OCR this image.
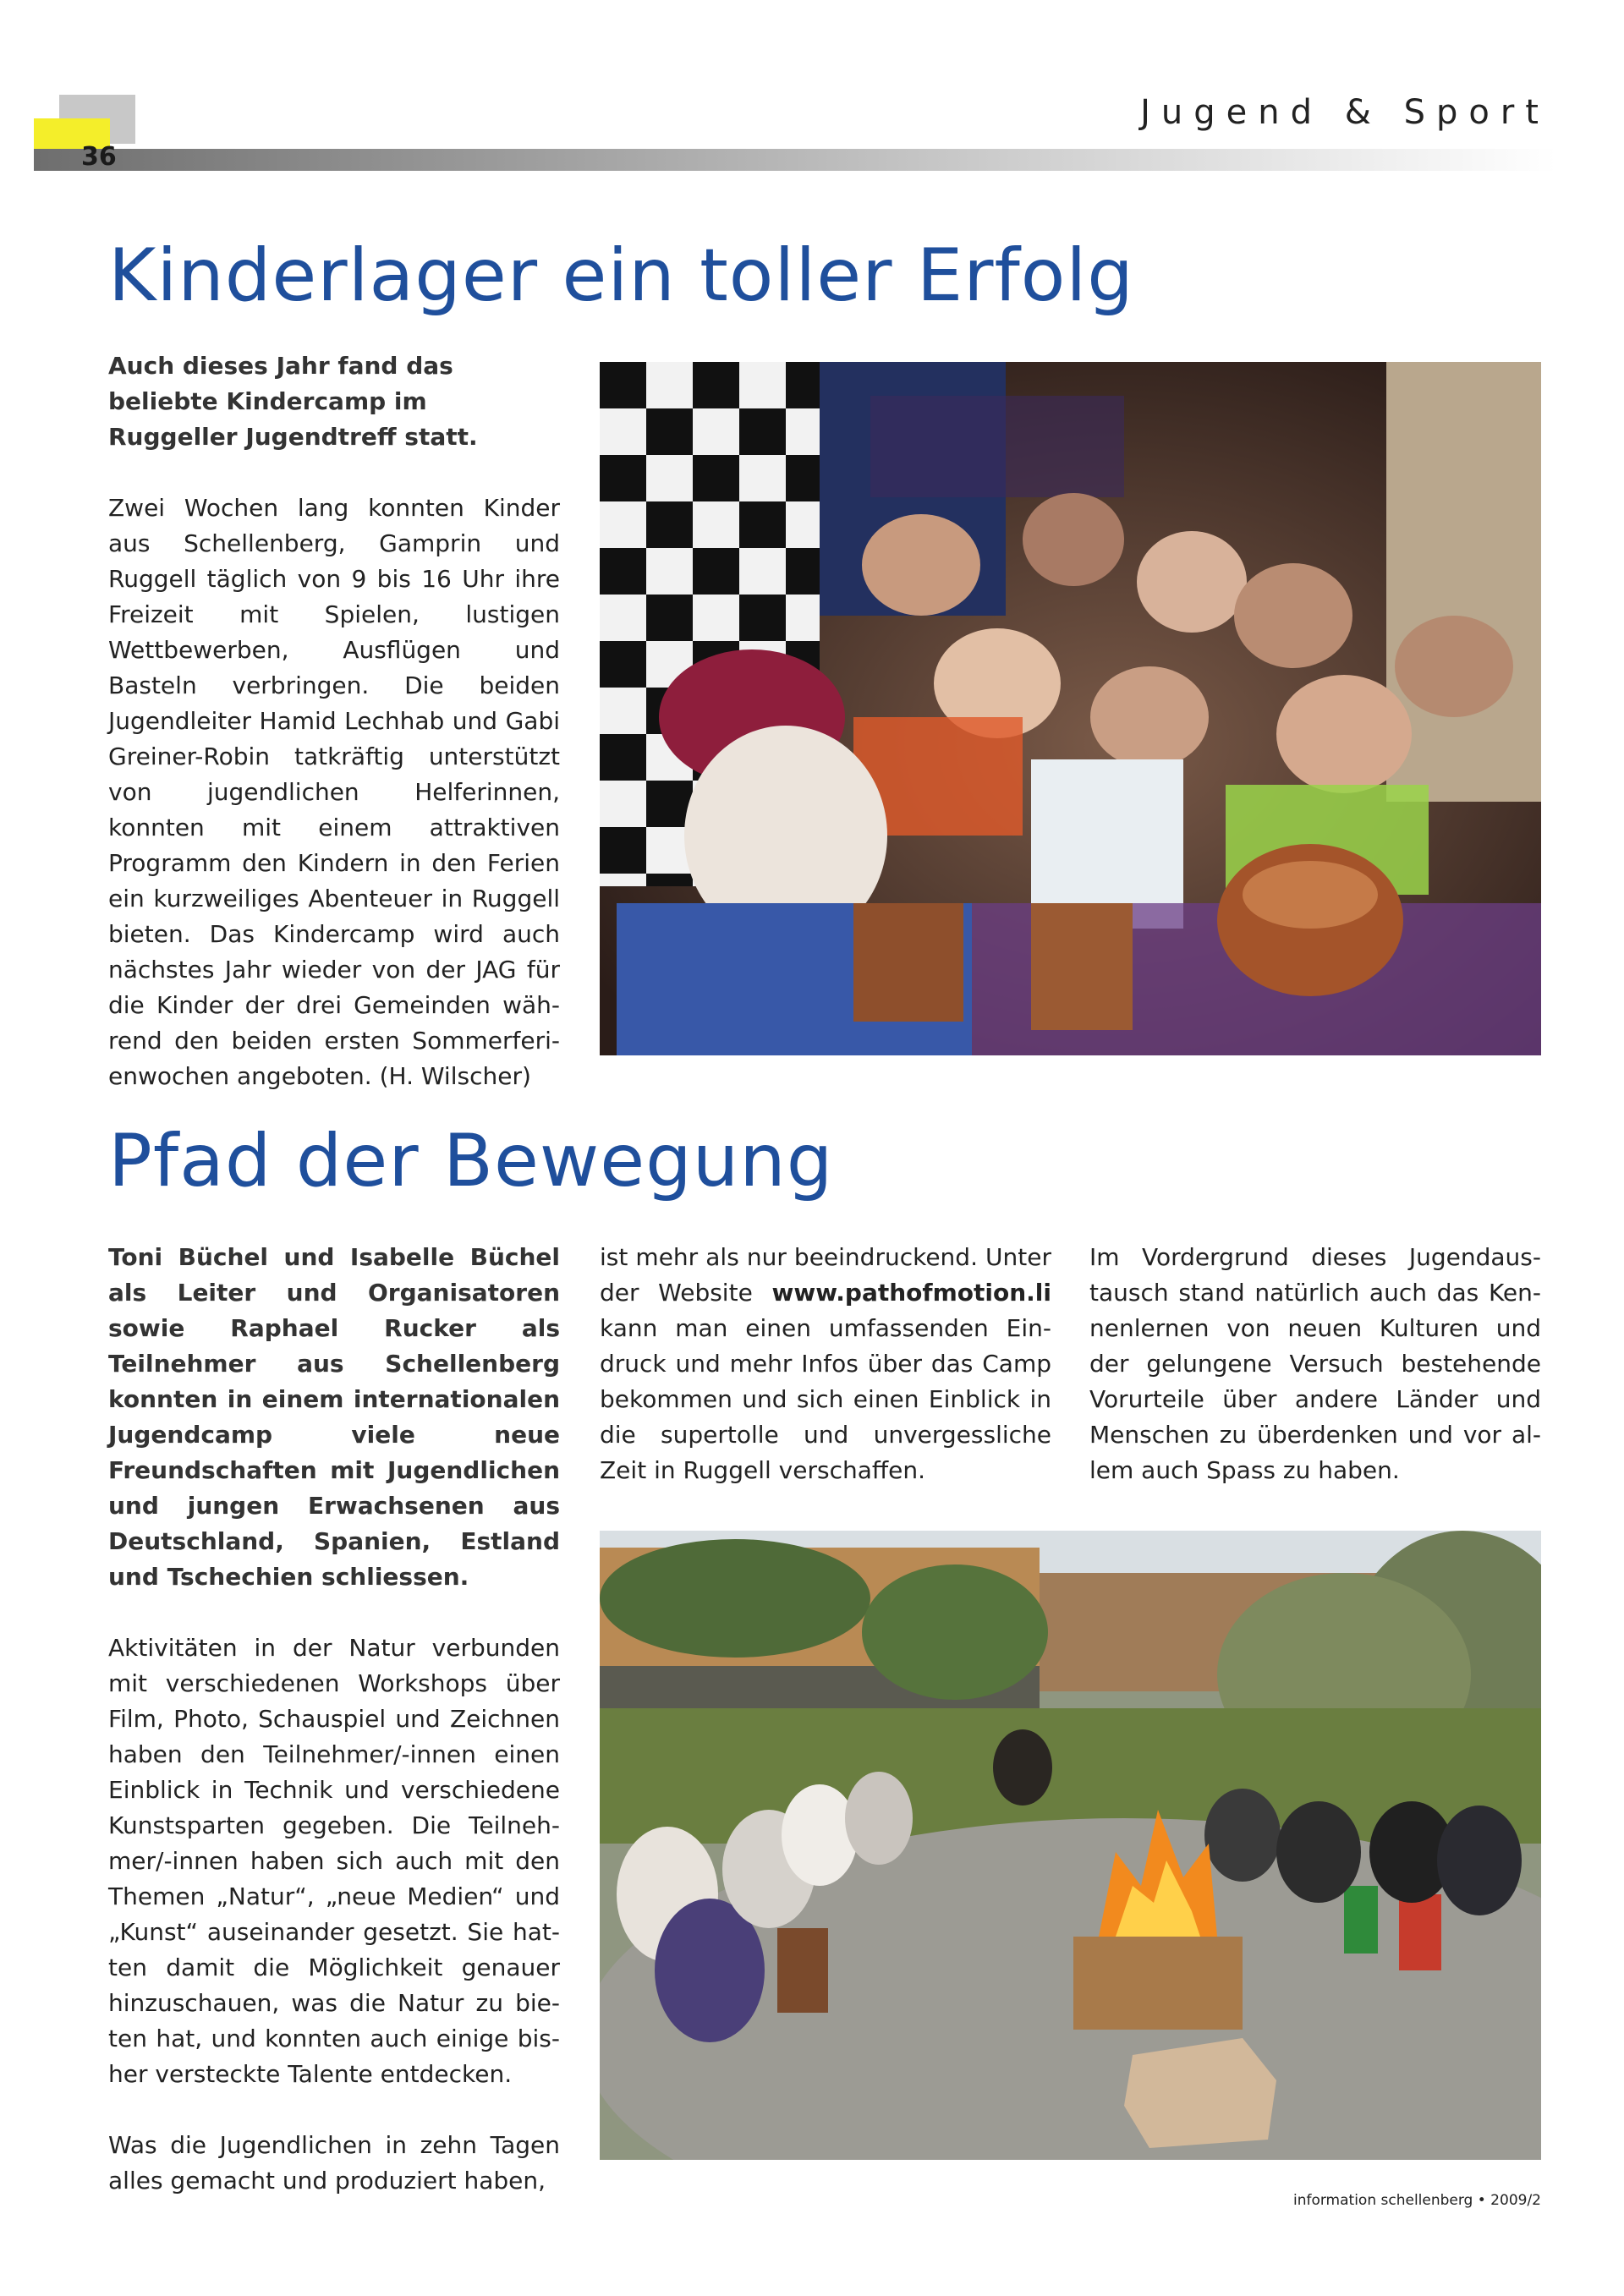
36
Jugend & Sport
Kinderlager ein toller Erfolg

Auch dieses Jahr fand das beliebte Kindercamp im Ruggeller Jugendtreff statt.

Zwei Wochen lang konnten Kinder aus Schellenberg, Gamprin und Ruggell täglich von 9 bis 16 Uhr ihre Freizeit mit Spielen, lustigen Wettbewerben, Ausflügen und Basteln verbringen. Die beiden Jugendleiter Hamid Lechhab und Gabi Greiner-Robin tatkräftig unterstützt von jugendlichen Helferinnen, konnten mit einem attraktiven Programm den Kindern in den Ferien ein kurzweiliges Abenteuer in Ruggell bieten. Das Kindercamp wird auch nächstes Jahr wieder von der JAG für die Kinder der drei Gemeinden während den beiden ersten Sommerferienwochen angeboten. (H. Wilscher)

Pfad der Bewegung

Toni Büchel und Isabelle Büchel als Leiter und Organisatoren sowie Raphael Rucker als Teilnehmer aus Schellenberg konnten in einem internationalen Jugendcamp viele neue Freundschaften mit Jugendlichen und jungen Erwachsenen aus Deutschland, Spanien, Estland und Tschechien schliessen.

Aktivitäten in der Natur verbunden mit verschiedenen Workshops über Film, Photo, Schauspiel und Zeichnen haben den Teilnehmer/-innen einen Einblick in Technik und verschiedene Kunstsparten gegeben. Die Teilnehmer/-innen haben sich auch mit den Themen „Natur“, „neue Medien“ und „Kunst“ auseinander gesetzt. Sie hatten damit die Möglichkeit genauer hinzuschauen, was die Natur zu bieten hat, und konnten auch einige bisher versteckte Talente entdecken.

Was die Jugendlichen in zehn Tagen alles gemacht und produziert haben,

ist mehr als nur beeindruckend. Unter der Website www.pathofmotion.li kann man einen umfassenden Eindruck und mehr Infos über das Camp bekommen und sich einen Einblick in die supertolle und unvergessliche Zeit in Ruggell verschaffen.

Im Vordergrund dieses Jugendaustausch stand natürlich auch das Kennenlernen von neuen Kulturen und der gelungene Versuch bestehende Vorurteile über andere Länder und Menschen zu überdenken und vor allem auch Spass zu haben.

information schellenberg • 2009/2
